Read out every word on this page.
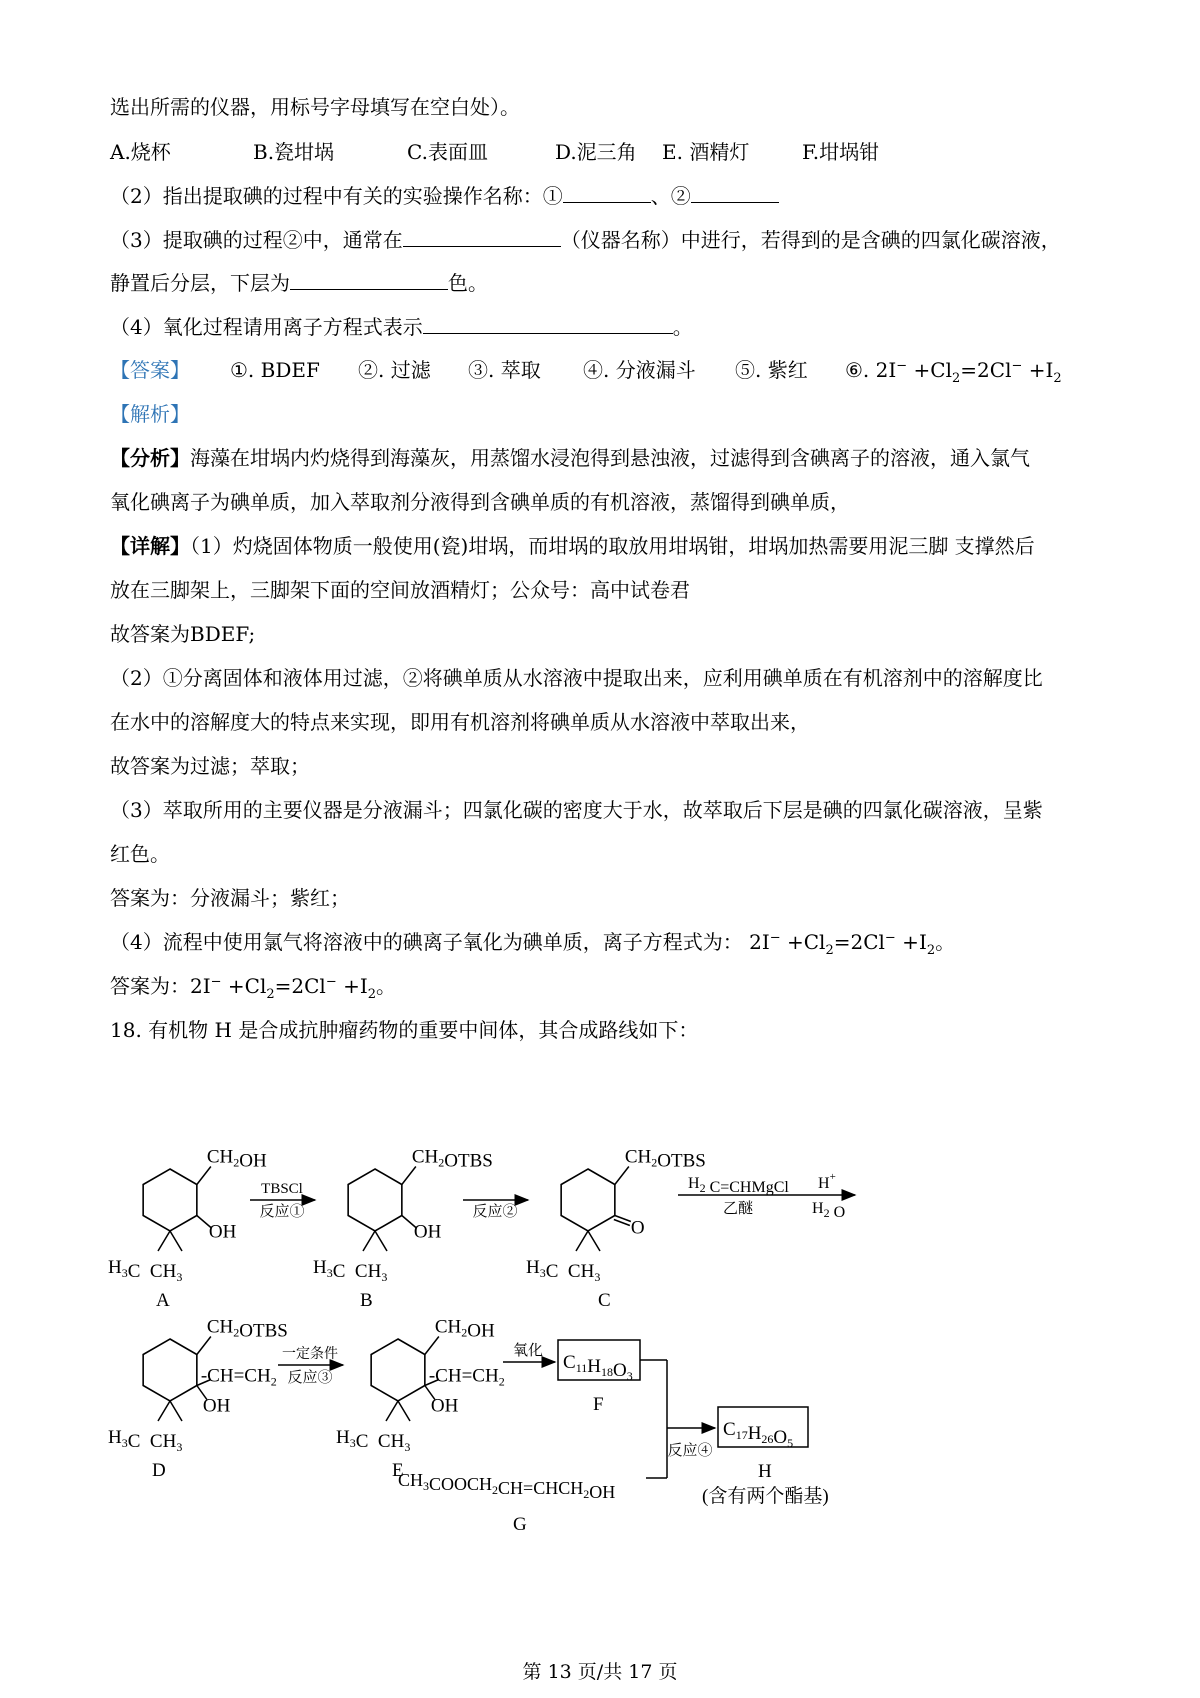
选出所需的仪器，用标号字母填写在空白处）。
A.烧杯	B.瓷坩埚	C.表面皿	D.泥三角 E. 酒精灯	F.坩埚钳
（2）指出提取碘的过程中有关的实验操作名称：①	、②
（3）提取碘的过程②中，通常在	（仪器名称）中进行，若得到的是含碘的四氯化碳溶液，
静置后分层，下层为	色。
（4）氧化过程请用离子方程式表示	。
【答案】 ①. BDEF ②. 过滤 ③. 萃取 ④. 分液漏斗 ⑤. 紫红 ⑥. $2I^- +Cl_2=2Cl^- +I_2$
【解析】
【分析】海藻在坩埚内灼烧得到海藻灰，用蒸馏水浸泡得到悬浊液，过滤得到含碘离子的溶液，通入氯气
氧化碘离子为碘单质，加入萃取剂分液得到含碘单质的有机溶液，蒸馏得到碘单质，
【详解】（1）灼烧固体物质一般使用(瓷)坩埚，而坩埚的取放用坩埚钳，坩埚加热需要用泥三脚 支撑然后
放在三脚架上，三脚架下面的空间放酒精灯；公众号：高中试卷君
故答案为BDEF;
（2）①分离固体和液体用过滤，②将碘单质从水溶液中提取出来，应利用碘单质在有机溶剂中的溶解度比
在水中的溶解度大的特点来实现，即用有机溶剂将碘单质从水溶液中萃取出来，
故答案为过滤；萃取；
（3）萃取所用的主要仪器是分液漏斗；四氯化碳的密度大于水，故萃取后下层是碘的四氯化碳溶液，呈紫
红色。
答案为：分液漏斗；紫红；
（4）流程中使用氯气将溶液中的碘离子氧化为碘单质，离子方程式为： $2I^- +Cl_2=2Cl^- +I_2$。
答案为：$2I^- +Cl_2=2Cl^- +I_2$。
18. 有机物 H 是合成抗肿瘤药物的重要中间体，其合成路线如下：
$CH_2OH$
OH
$H_3C$  $CH_3$
A
TBSCl
反应①
$CH_2OTBS$
OH
$H_3C$  $CH_3$
B
反应②
$CH_2OTBS$
O
$H_3C$  $CH_3$
C
$H_2$ C=CHMgCl
乙醚
H+
$H_2$ O
$CH_2OTBS$
$-CH=CH_2$
OH
$H_3C$  $CH_3$
D
一定条件
反应③
$CH_2OH$
$-CH=CH_2$
OH
$H_3C$  $CH_3$
E
氧化
$C_{11}H_{18}O_3$
F
反应④
$C_{17}H_{26}O_5$
H
(含有两个酯基)
$CH_3COOCH_2CH=CHCH_2OH$
G
第 13 页/共 17 页
